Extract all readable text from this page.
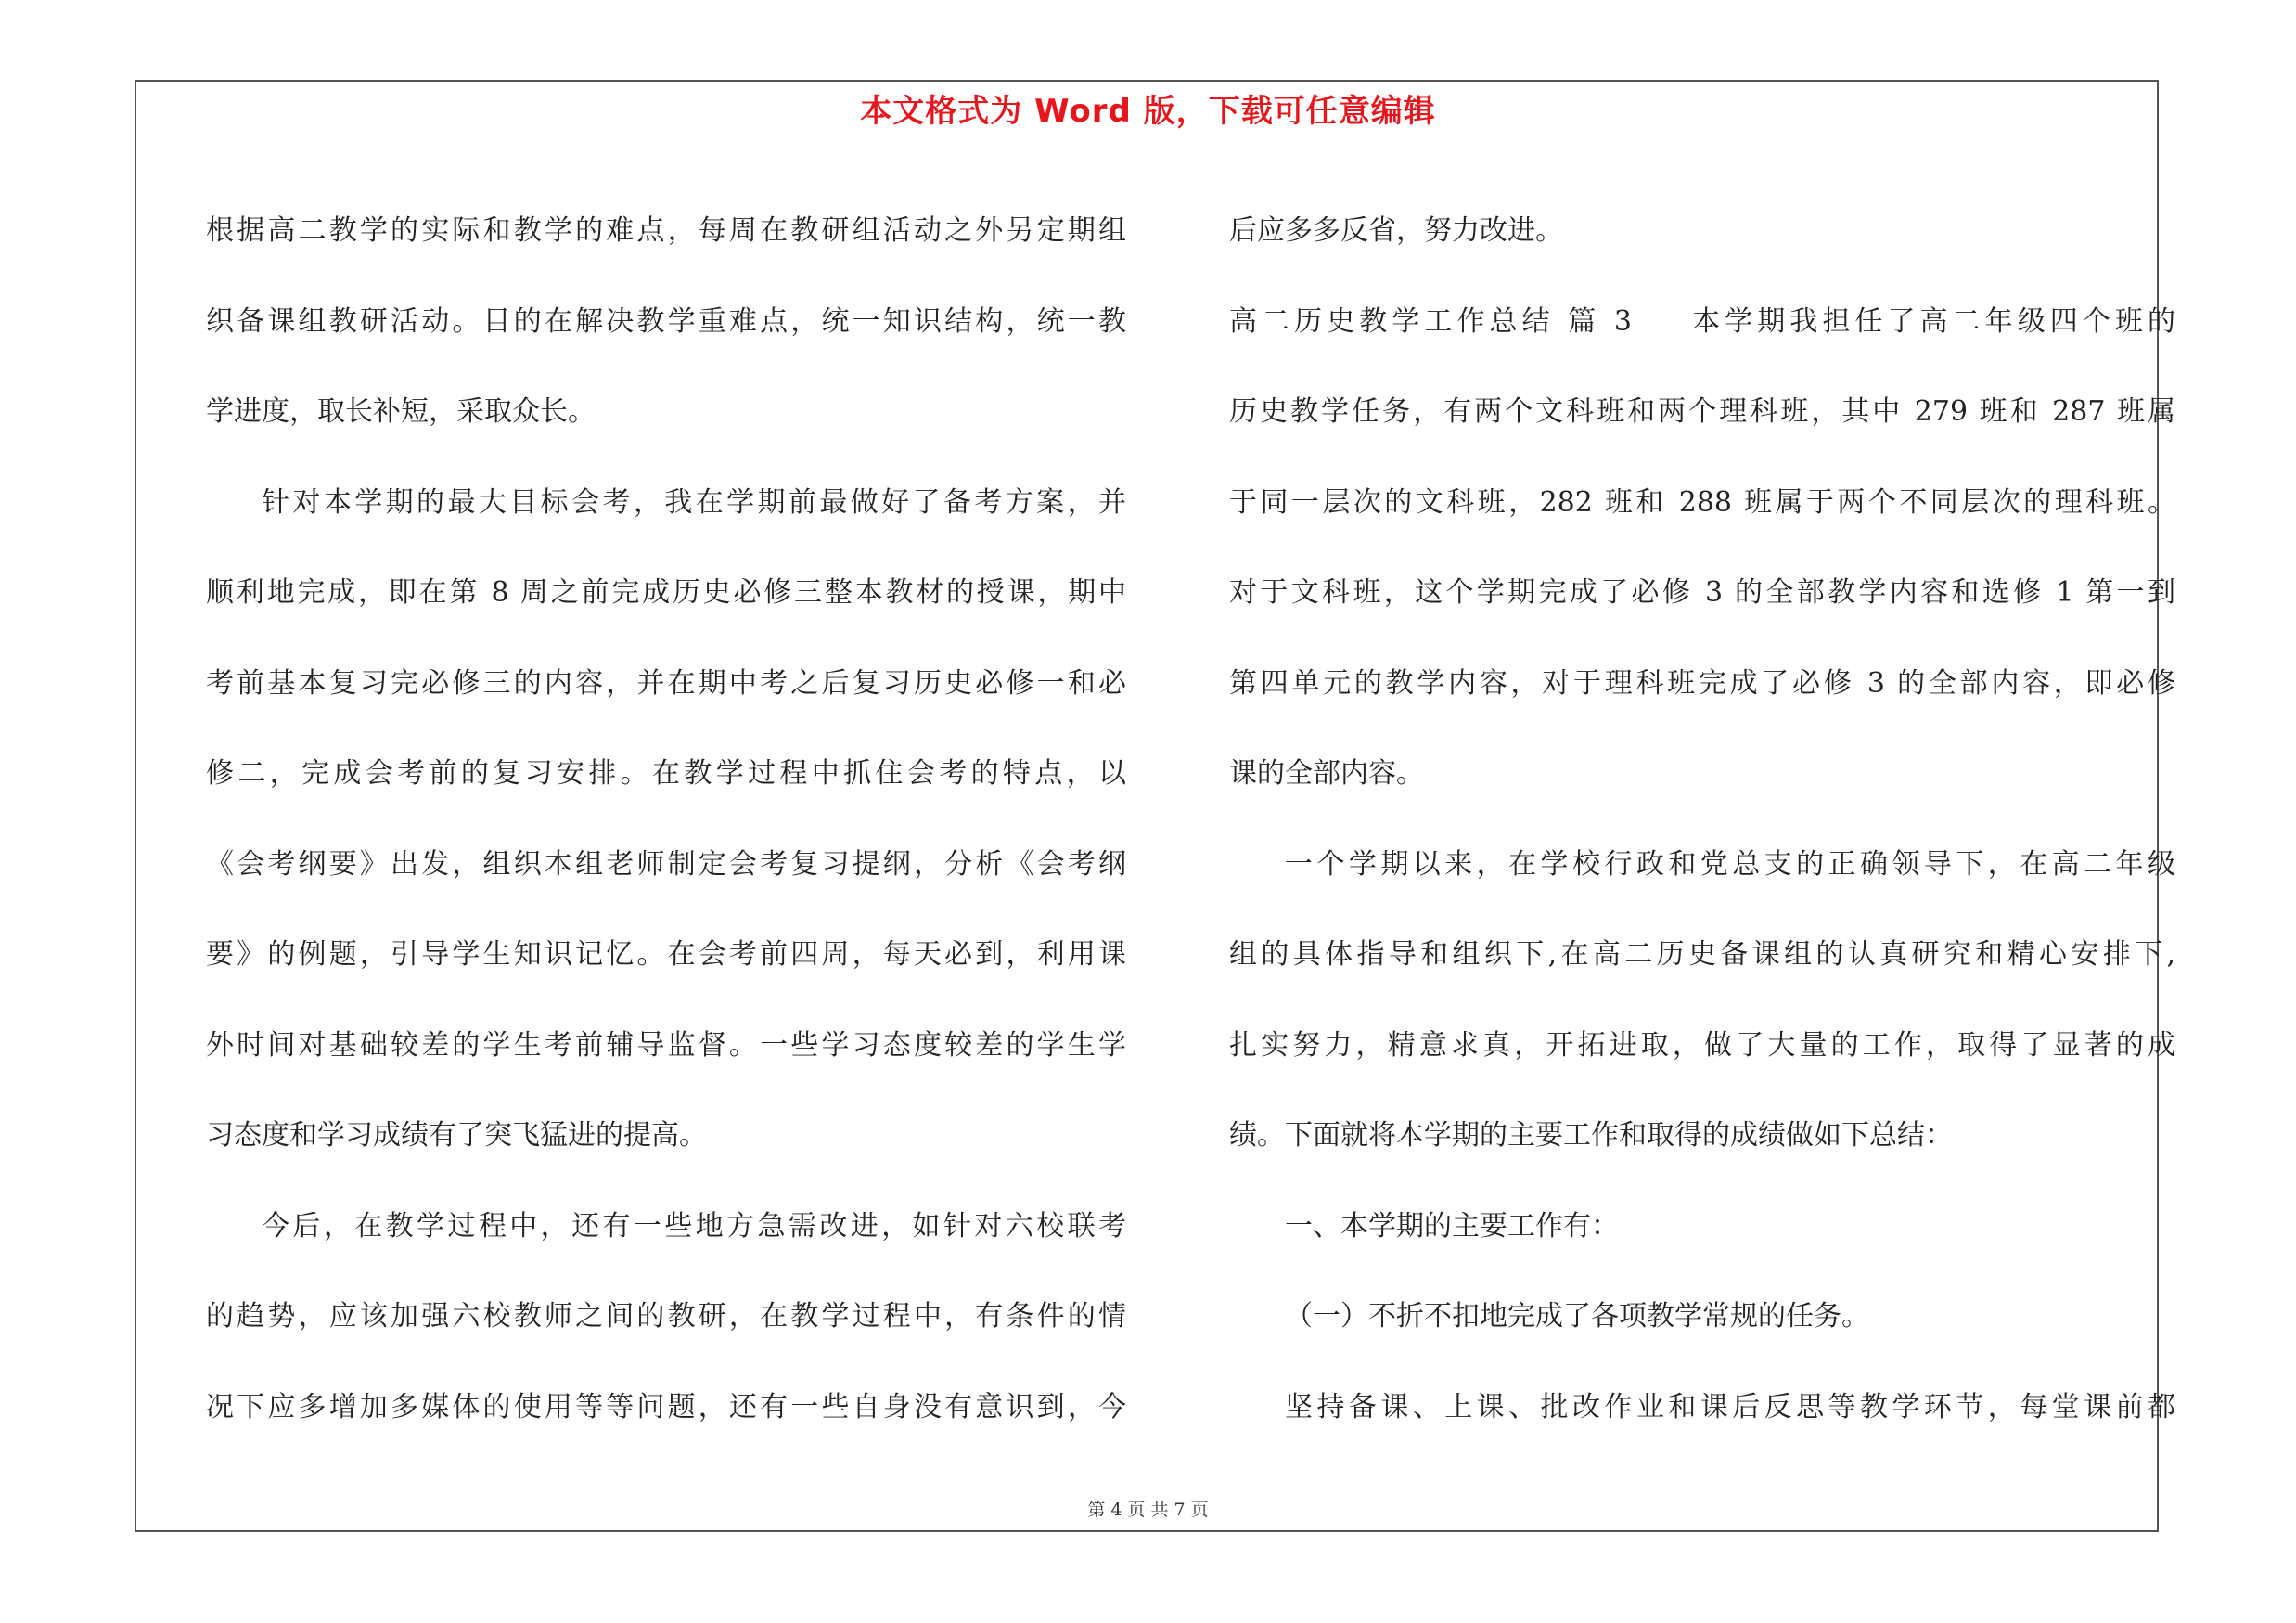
本文格式为 Word 版，下载可任意编辑
根据高二教学的实际和教学的难点，每周在教研组活动之外另定期组
织备课组教研活动。目的在解决教学重难点，统一知识结构，统一教
学进度，取长补短，采取众长。
针对本学期的最大目标会考，我在学期前最做好了备考方案，并
顺利地完成，即在第 8 周之前完成历史必修三整本教材的授课，期中
考前基本复习完必修三的内容，并在期中考之后复习历史必修一和必
修二，完成会考前的复习安排。在教学过程中抓住会考的特点，以
《会考纲要》出发，组织本组老师制定会考复习提纲，分析《会考纲
要》的例题，引导学生知识记忆。在会考前四周，每天必到，利用课
外时间对基础较差的学生考前辅导监督。一些学习态度较差的学生学
习态度和学习成绩有了突飞猛进的提高。
今后，在教学过程中，还有一些地方急需改进，如针对六校联考
的趋势，应该加强六校教师之间的教研，在教学过程中，有条件的情
况下应多增加多媒体的使用等等问题，还有一些自身没有意识到，今
后应多多反省，努力改进。
高二历史教学工作总结 篇 3 本学期我担任了高二年级四个班的
历史教学任务，有两个文科班和两个理科班，其中 279 班和 287 班属
于同一层次的文科班，282 班和 288 班属于两个不同层次的理科班。
对于文科班，这个学期完成了必修 3 的全部教学内容和选修 1 第一到
第四单元的教学内容，对于理科班完成了必修 3 的全部内容，即必修
课的全部内容。
一个学期以来，在学校行政和党总支的正确领导下，在高二年级
组的具体指导和组织下,在高二历史备课组的认真研究和精心安排下,
扎实努力，精意求真，开拓进取，做了大量的工作，取得了显著的成
绩。下面就将本学期的主要工作和取得的成绩做如下总结：
一、本学期的主要工作有：
（一）不折不扣地完成了各项教学常规的任务。
坚持备课、上课、批改作业和课后反思等教学环节，每堂课前都
第 4 页 共 7 页
